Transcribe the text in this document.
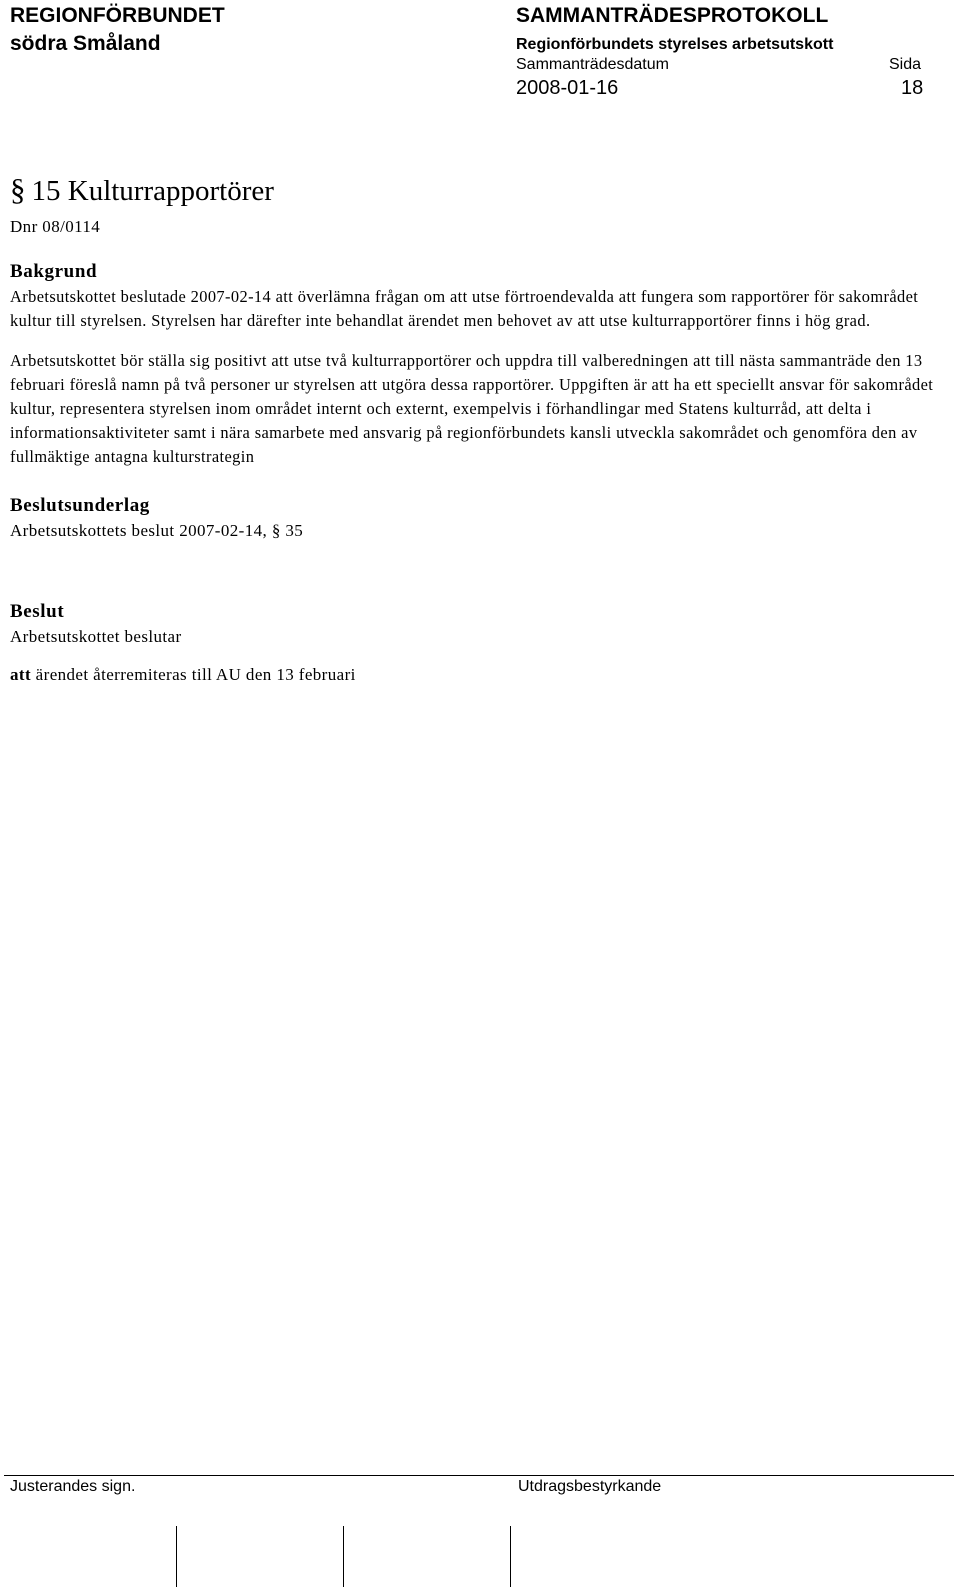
REGIONFÖRBUNDET
södra Småland
SAMMANTRÄDESPROTOKOLL
Regionförbundets styrelses arbetsutskott
Sammanträdesdatum	Sida
2008-01-16	18
§ 15 Kulturrapportörer
Dnr 08/0114
Bakgrund

Arbetsutskottet beslutade 2007-02-14 att överlämna frågan om att utse förtroendevalda att fungera som rapportörer för sakområdet kultur till styrelsen. Styrelsen har därefter inte behandlat ärendet men behovet av att utse kulturrapportörer finns i hög grad.

Arbetsutskottet bör ställa sig positivt att utse två kulturrapportörer och uppdra till valberedningen att till nästa sammanträde den 13 februari föreslå namn på två personer ur styrelsen att utgöra dessa rapportörer. Uppgiften är att ha ett speciellt ansvar för sakområdet kultur, representera styrelsen inom området internt och externt, exempelvis i förhandlingar med Statens kulturråd, att delta i informationsaktiviteter samt i nära samarbete med ansvarig på regionförbundets kansli utveckla sakområdet och genomföra den av fullmäktige antagna kulturstrategin

Beslutsunderlag

Arbetsutskottets beslut 2007-02-14, § 35

Beslut

Arbetsutskottet beslutar

att ärendet återremiteras till AU den 13 februari

Justerandes sign.	Utdragsbestyrkande
